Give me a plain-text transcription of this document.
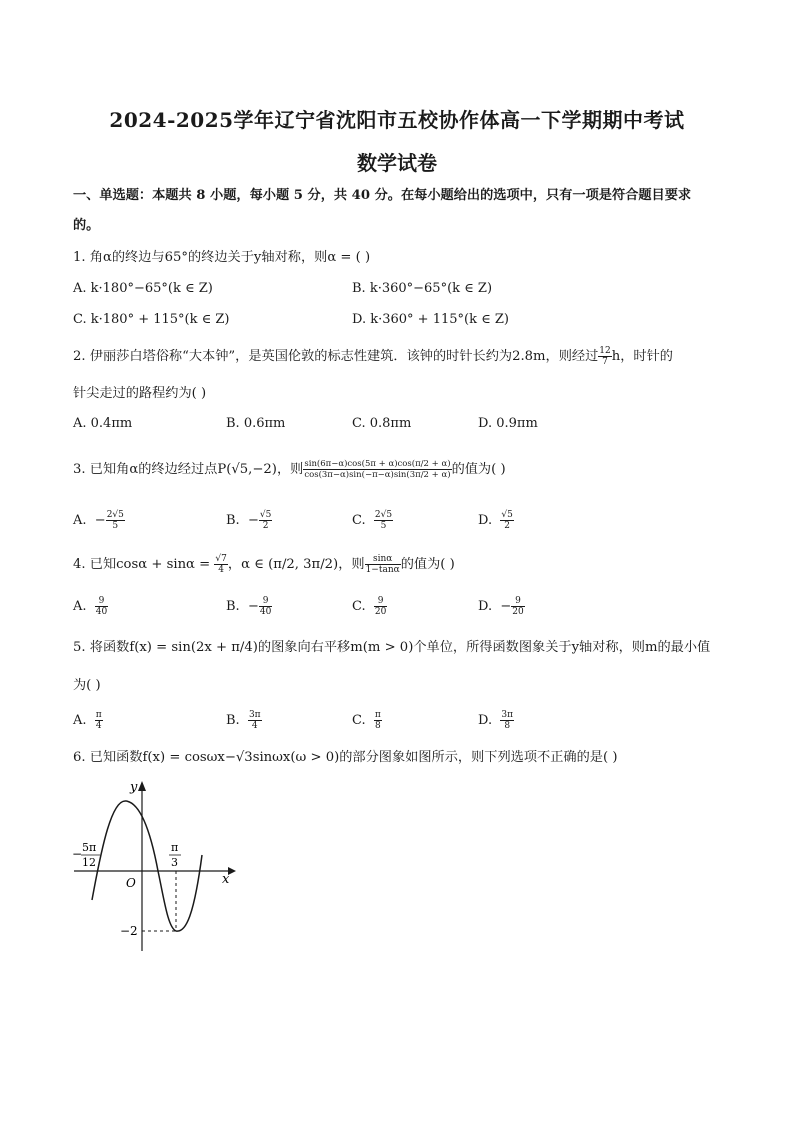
2024-2025学年辽宁省沈阳市五校协作体高一下学期期中考试
数学试卷
一、单选题：本题共 8 小题，每小题 5 分，共 40 分。在每小题给出的选项中，只有一项是符合题目要求
的。
1. 角α的终边与65°的终边关于y轴对称，则α = ( )
A. k·180°−65°(k ∈ Z)	B. k·360°−65°(k ∈ Z)
C. k·180° + 115°(k ∈ Z)	D. k·360° + 115°(k ∈ Z)
2. 伊丽莎白塔俗称“大本钟”，是英国伦敦的标志性建筑．该钟的时针长约为2.8m，则经过 $\frac{12}{7}$ h，时针的
针尖走过的路程约为( )
A. 0.4πm	B. 0.6πm	C. 0.8πm	D. 0.9πm
3. 已知角α的终边经过点P(√5,−2)，则 $\frac{\sin(6\pi-\alpha)\cos(5\pi + \alpha)\cos(\pi/2 + \alpha)}{\cos(3\pi-\alpha)\sin(-\pi-\alpha)\sin(3\pi/2 + \alpha)}$ 的值为( )
A.  − $\frac{2√5}{5}$	B.  − $\frac{√5}{2}$	C. $\frac{2√5}{5}$	D. $\frac{√5}{2}$
4. 已知$\cos\alpha + \sin\alpha = \frac{√7}{4}$ ，α ∈ (π/2, 3π/2)，则 $\frac{\sin\alpha}{1-\tan\alpha}$ 的值为( )
A. $\frac{9}{40}$	B.  − $\frac{9}{40}$	C. $\frac{9}{20}$	D.  − $\frac{9}{20}$
5. 将函数f(x) = sin(2x + π/4)的图象向右平移m(m > 0)个单位，所得函数图象关于y轴对称，则m的最小值
为( )
A. $\frac{\pi}{4}$	B. $\frac{3\pi}{4}$	C. $\frac{\pi}{8}$	D. $\frac{3\pi}{8}$
6. 已知函数f(x) = cosωx−√3sinωx(ω > 0)的部分图象如图所示，则下列选项不正确的是( )
y
x
O
− 5π
12
π
3
−2
